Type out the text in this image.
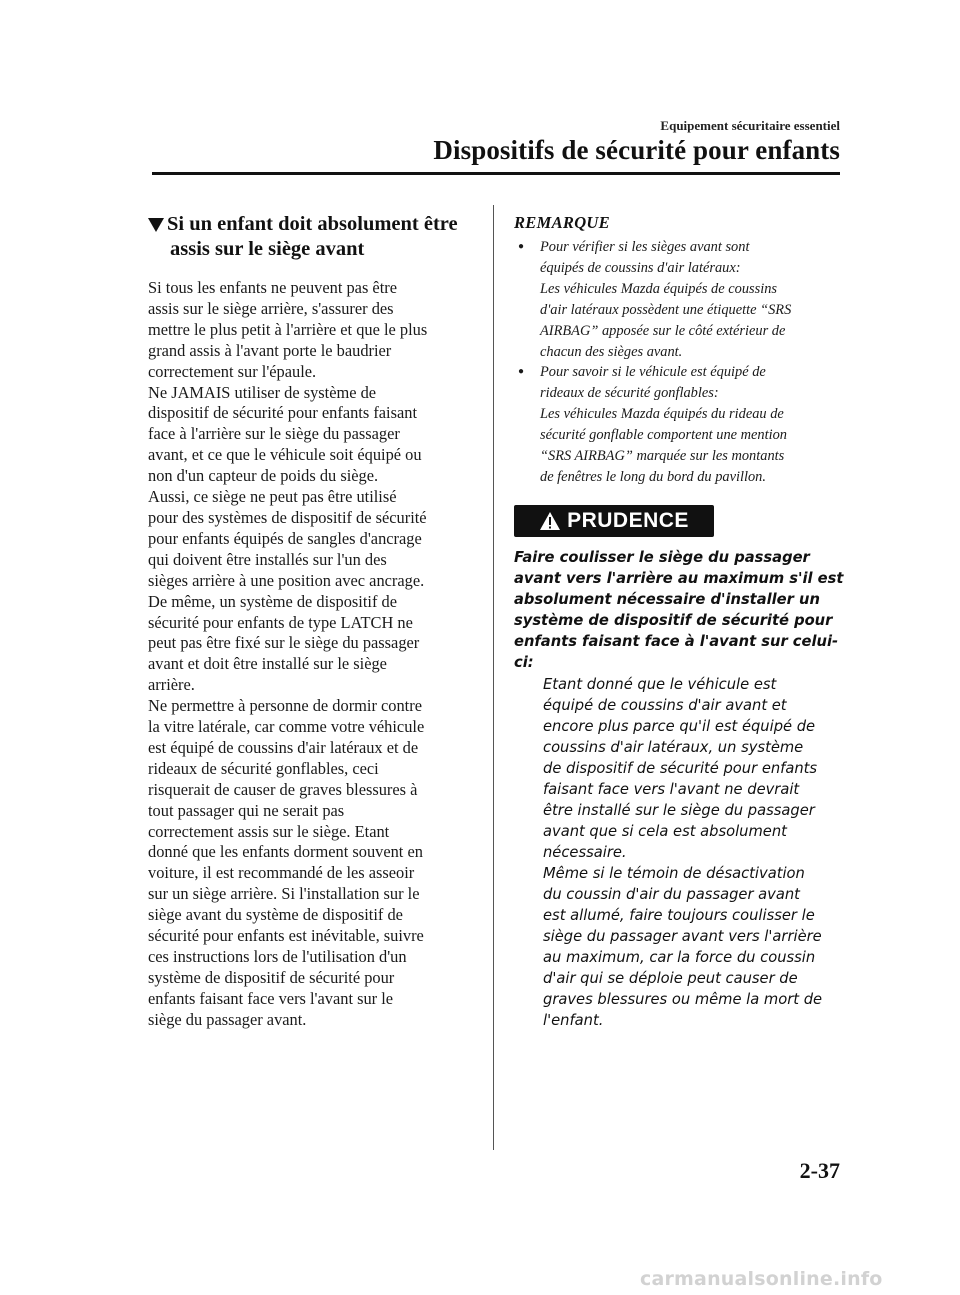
Equipement sécuritaire essentiel
Dispositifs de sécurité pour enfants
Si un enfant doit absolument être
assis sur le siège avant
Si tous les enfants ne peuvent pas être
assis sur le siège arrière, s'assurer des
mettre le plus petit à l'arrière et que le plus
grand assis à l'avant porte le baudrier
correctement sur l'épaule.
Ne JAMAIS utiliser de système de
dispositif de sécurité pour enfants faisant
face à l'arrière sur le siège du passager
avant, et ce que le véhicule soit équipé ou
non d'un capteur de poids du siège.
Aussi, ce siège ne peut pas être utilisé
pour des systèmes de dispositif de sécurité
pour enfants équipés de sangles d'ancrage
qui doivent être installés sur l'un des
sièges arrière à une position avec ancrage.
De même, un système de dispositif de
sécurité pour enfants de type LATCH ne
peut pas être fixé sur le siège du passager
avant et doit être installé sur le siège
arrière.
Ne permettre à personne de dormir contre
la vitre latérale, car comme votre véhicule
est équipé de coussins d'air latéraux et de
rideaux de sécurité gonflables, ceci
risquerait de causer de graves blessures à
tout passager qui ne serait pas
correctement assis sur le siège. Etant
donné que les enfants dorment souvent en
voiture, il est recommandé de les asseoir
sur un siège arrière. Si l'installation sur le
siège avant du système de dispositif de
sécurité pour enfants est inévitable, suivre
ces instructions lors de l'utilisation d'un
système de dispositif de sécurité pour
enfants faisant face vers l'avant sur le
siège du passager avant.
REMARQUE
●	Pour vérifier si les sièges avant sont
équipés de coussins d'air latéraux:
Les véhicules Mazda équipés de coussins
d'air latéraux possèdent une étiquette “SRS
AIRBAG” apposée sur le côté extérieur de
chacun des sièges avant.
●	Pour savoir si le véhicule est équipé de
rideaux de sécurité gonflables:
Les véhicules Mazda équipés du rideau de
sécurité gonflable comportent une mention
“SRS AIRBAG” marquée sur les montants
de fenêtres le long du bord du pavillon.
PRUDENCE
Faire coulisser le siège du passager
avant vers l'arrière au maximum s'il est
absolument nécessaire d'installer un
système de dispositif de sécurité pour
enfants faisant face à l'avant sur celui-
ci:
Etant donné que le véhicule est
équipé de coussins d'air avant et
encore plus parce qu'il est équipé de
coussins d'air latéraux, un système
de dispositif de sécurité pour enfants
faisant face vers l'avant ne devrait
être installé sur le siège du passager
avant que si cela est absolument
nécessaire.
Même si le témoin de désactivation
du coussin d'air du passager avant
est allumé, faire toujours coulisser le
siège du passager avant vers l'arrière
au maximum, car la force du coussin
d'air qui se déploie peut causer de
graves blessures ou même la mort de
l'enfant.
2-37
carmanualsonline.info
